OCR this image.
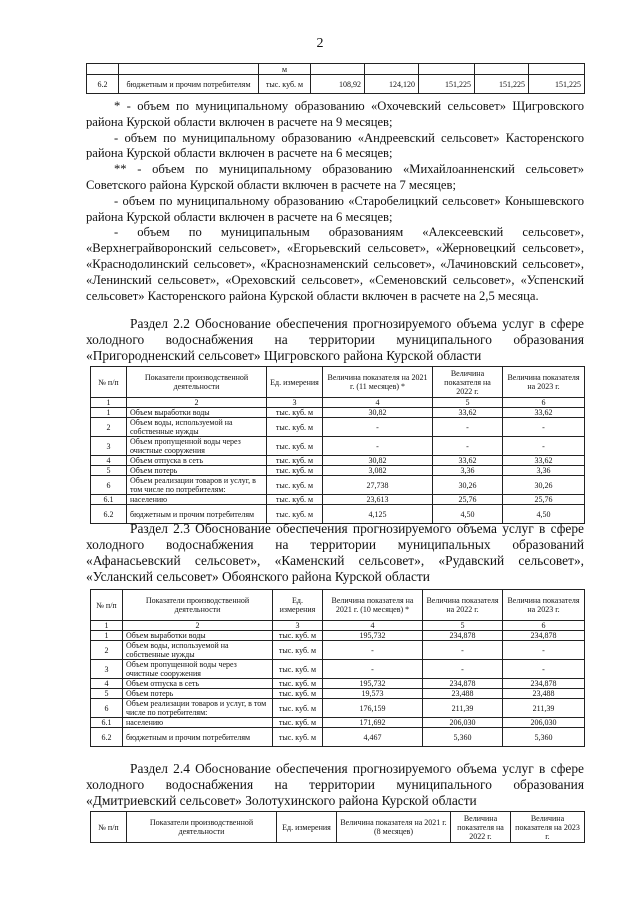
2
		м					
6.2	бюджетным и прочим потребителям	тыс. куб. м	108,92	124,120	151,225	151,225	151,225

* - объем по муниципальному образованию «Охочевский сельсовет» Щигровского района Курской области включен в расчете на 9 месяцев;

- объем по муниципальному образованию «Андреевский сельсовет» Касторенского района Курской области включен в расчете на 6 месяцев;

** - объем по муниципальному образованию «Михайлоанненский сельсовет» Советского района Курской области включен в расчете на 7 месяцев;

- объем по муниципальному образованию «Старобелицкий сельсовет» Конышевского района Курской области включен в расчете на 6 месяцев;

- объем по муниципальным образованиям «Алексеевский сельсовет», «Верхнеграйворонский сельсовет», «Егорьевский сельсовет», «Жерновецкий сельсовет», «Краснодолинский сельсовет», «Краснознаменский сельсовет», «Лачиновский сельсовет», «Ленинский сельсовет», «Ореховский сельсовет», «Семеновский сельсовет», «Успенский сельсовет» Касторенского района Курской области включен в расчете на 2,5 месяца.

Раздел 2.2 Обоснование обеспечения прогнозируемого объема услуг в сфере холодного водоснабжения на территории муниципального образования «Пригородненский сельсовет» Щигровского района Курской области

№ п/п	Показатели производственной деятельности	Ед. измерения	Величина показателя на 2021 г. (11 месяцев) *	Величина показателя на 2022 г.	Величина показателя на 2023 г.
1	2	3	4	5	6
1	Объем выработки воды	тыс. куб. м	30,82	33,62	33,62
2	Объем воды, используемой на собственные нужды	тыс. куб. м	-	-	-
3	Объем пропущенной воды через очистные сооружения	тыс. куб. м	-	-	-
4	Объем отпуска в сеть	тыс. куб. м	30,82	33,62	33,62
5	Объем потерь	тыс. куб. м	3,082	3,36	3,36
6	Объем реализации товаров и услуг, в том числе по потребителям:	тыс. куб. м	27,738	30,26	30,26
6.1	населению	тыс. куб. м	23,613	25,76	25,76
6.2	бюджетным и прочим потребителям	тыс. куб. м	4,125	4,50	4,50

Раздел 2.3 Обоснование обеспечения прогнозируемого объема услуг в сфере холодного водоснабжения на территории муниципальных образований «Афанасьевский сельсовет», «Каменский сельсовет», «Рудавский сельсовет», «Усланский сельсовет» Обоянского района Курской области

№ п/п	Показатели производственной деятельности	Ед. измерения	Величина показателя на 2021 г. (10 месяцев) *	Величина показателя на 2022 г.	Величина показателя на 2023 г.
1	2	3	4	5	6
1	Объем выработки воды	тыс. куб. м	195,732	234,878	234,878
2	Объем воды, используемой на собственные нужды	тыс. куб. м	-	-	-
3	Объем пропущенной воды через очистные сооружения	тыс. куб. м	-	-	-
4	Объем отпуска в сеть	тыс. куб. м	195,732	234,878	234,878
5	Объем потерь	тыс. куб. м	19,573	23,488	23,488
6	Объем реализации товаров и услуг, в том числе по потребителям:	тыс. куб. м	176,159	211,39	211,39
6.1	населению	тыс. куб. м	171,692	206,030	206,030
6.2	бюджетным и прочим потребителям	тыс. куб. м	4,467	5,360	5,360

Раздел 2.4 Обоснование обеспечения прогнозируемого объема услуг в сфере холодного водоснабжения на территории муниципального образования «Дмитриевский сельсовет» Золотухинского района Курской области

№ п/п	Показатели производственной деятельности	Ед. измерения	Величина показателя на 2021 г. (8 месяцев)	Величина показателя на 2022 г.	Величина показателя на 2023 г.
